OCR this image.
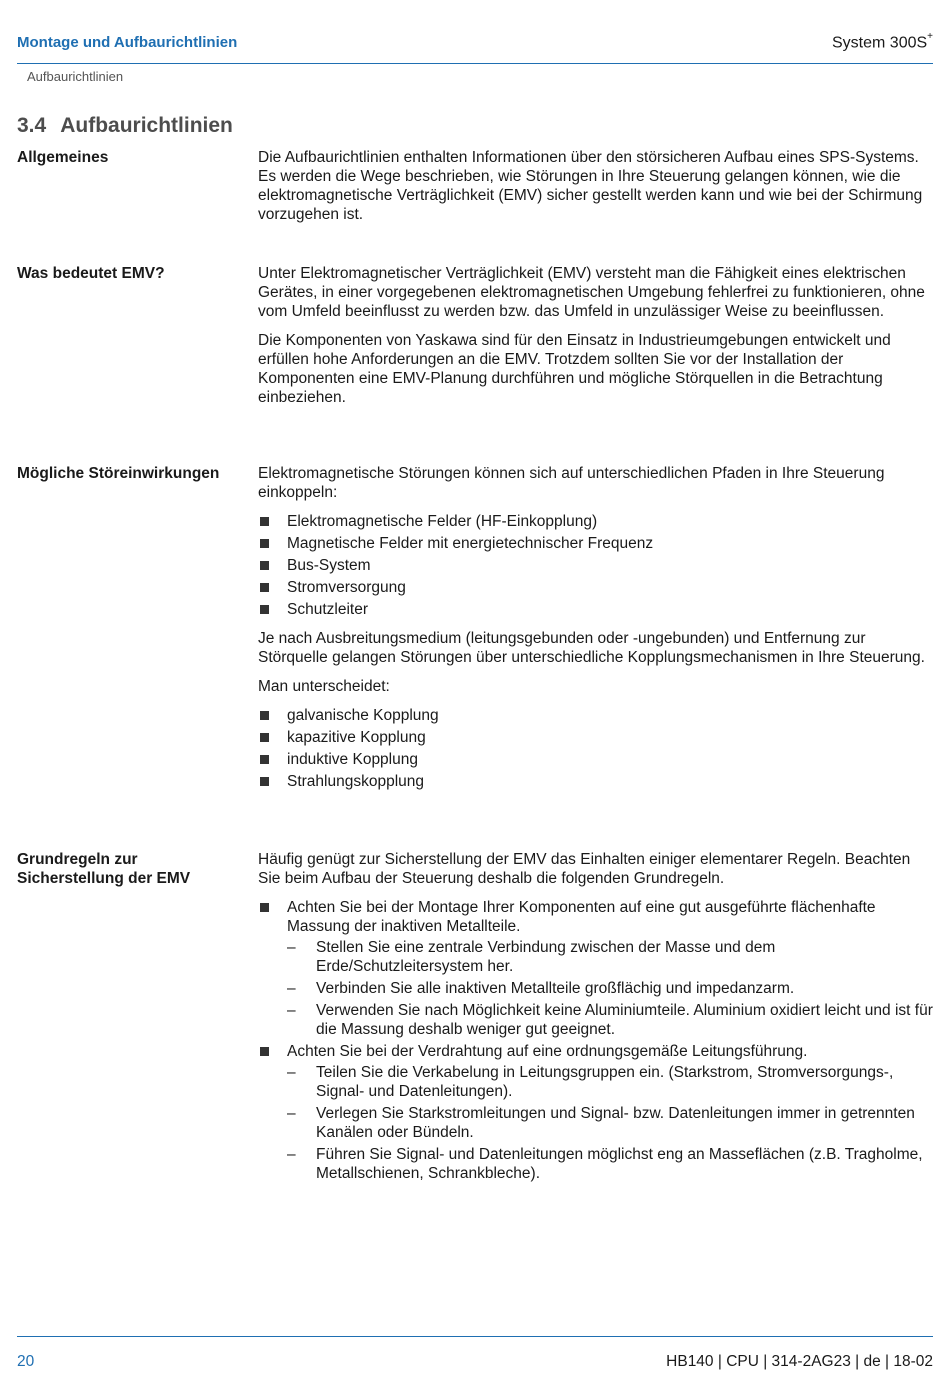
Montage und Aufbaurichtlinien	System 300S+
Aufbaurichtlinien
3.4 Aufbaurichtlinien
Allgemeines	Die Aufbaurichtlinien enthalten Informationen über den störsicheren Aufbau eines SPS-Systems. Es werden die Wege beschrieben, wie Störungen in Ihre Steuerung gelangen können, wie die elektromagnetische Verträglichkeit (EMV) sicher gestellt werden kann und wie bei der Schirmung vorzugehen ist.

Was bedeutet EMV?	Unter Elektromagnetischer Verträglichkeit (EMV) versteht man die Fähigkeit eines elektrischen Gerätes, in einer vorgegebenen elektromagnetischen Umgebung fehlerfrei zu funktionieren, ohne vom Umfeld beeinflusst zu werden bzw. das Umfeld in unzulässiger Weise zu beeinflussen.

Die Komponenten von Yaskawa sind für den Einsatz in Industrieumgebungen entwickelt und erfüllen hohe Anforderungen an die EMV. Trotzdem sollten Sie vor der Installation der Komponenten eine EMV-Planung durchführen und mögliche Störquellen in die Betrachtung einbeziehen.

Mögliche Störeinwirkungen	Elektromagnetische Störungen können sich auf unterschiedlichen Pfaden in Ihre Steuerung einkoppeln:

Elektromagnetische Felder (HF-Einkopplung)
Magnetische Felder mit energietechnischer Frequenz
Bus-System
Stromversorgung
Schutzleiter

Je nach Ausbreitungsmedium (leitungsgebunden oder -ungebunden) und Entfernung zur Störquelle gelangen Störungen über unterschiedliche Kopplungsmechanismen in Ihre Steuerung.

Man unterscheidet:

galvanische Kopplung
kapazitive Kopplung
induktive Kopplung
Strahlungskopplung
Grundregeln zur Sicherstellung der EMV

Häufig genügt zur Sicherstellung der EMV das Einhalten einiger elementarer Regeln. Beachten Sie beim Aufbau der Steuerung deshalb die folgenden Grundregeln.

Achten Sie bei der Montage Ihrer Komponenten auf eine gut ausgeführte flächenhafte Massung der inaktiven Metallteile.
– Stellen Sie eine zentrale Verbindung zwischen der Masse und dem Erde/Schutzleitersystem her.
– Verbinden Sie alle inaktiven Metallteile großflächig und impedanzarm.
– Verwenden Sie nach Möglichkeit keine Aluminiumteile. Aluminium oxidiert leicht und ist für die Massung deshalb weniger gut geeignet.
Achten Sie bei der Verdrahtung auf eine ordnungsgemäße Leitungsführung.
– Teilen Sie die Verkabelung in Leitungsgruppen ein. (Starkstrom, Stromversorgungs-, Signal- und Datenleitungen).
– Verlegen Sie Starkstromleitungen und Signal- bzw. Datenleitungen immer in getrennten Kanälen oder Bündeln.
– Führen Sie Signal- und Datenleitungen möglichst eng an Masseflächen (z.B. Tragholme, Metallschienen, Schrankbleche).
20	HB140 | CPU | 314-2AG23 | de | 18-02
